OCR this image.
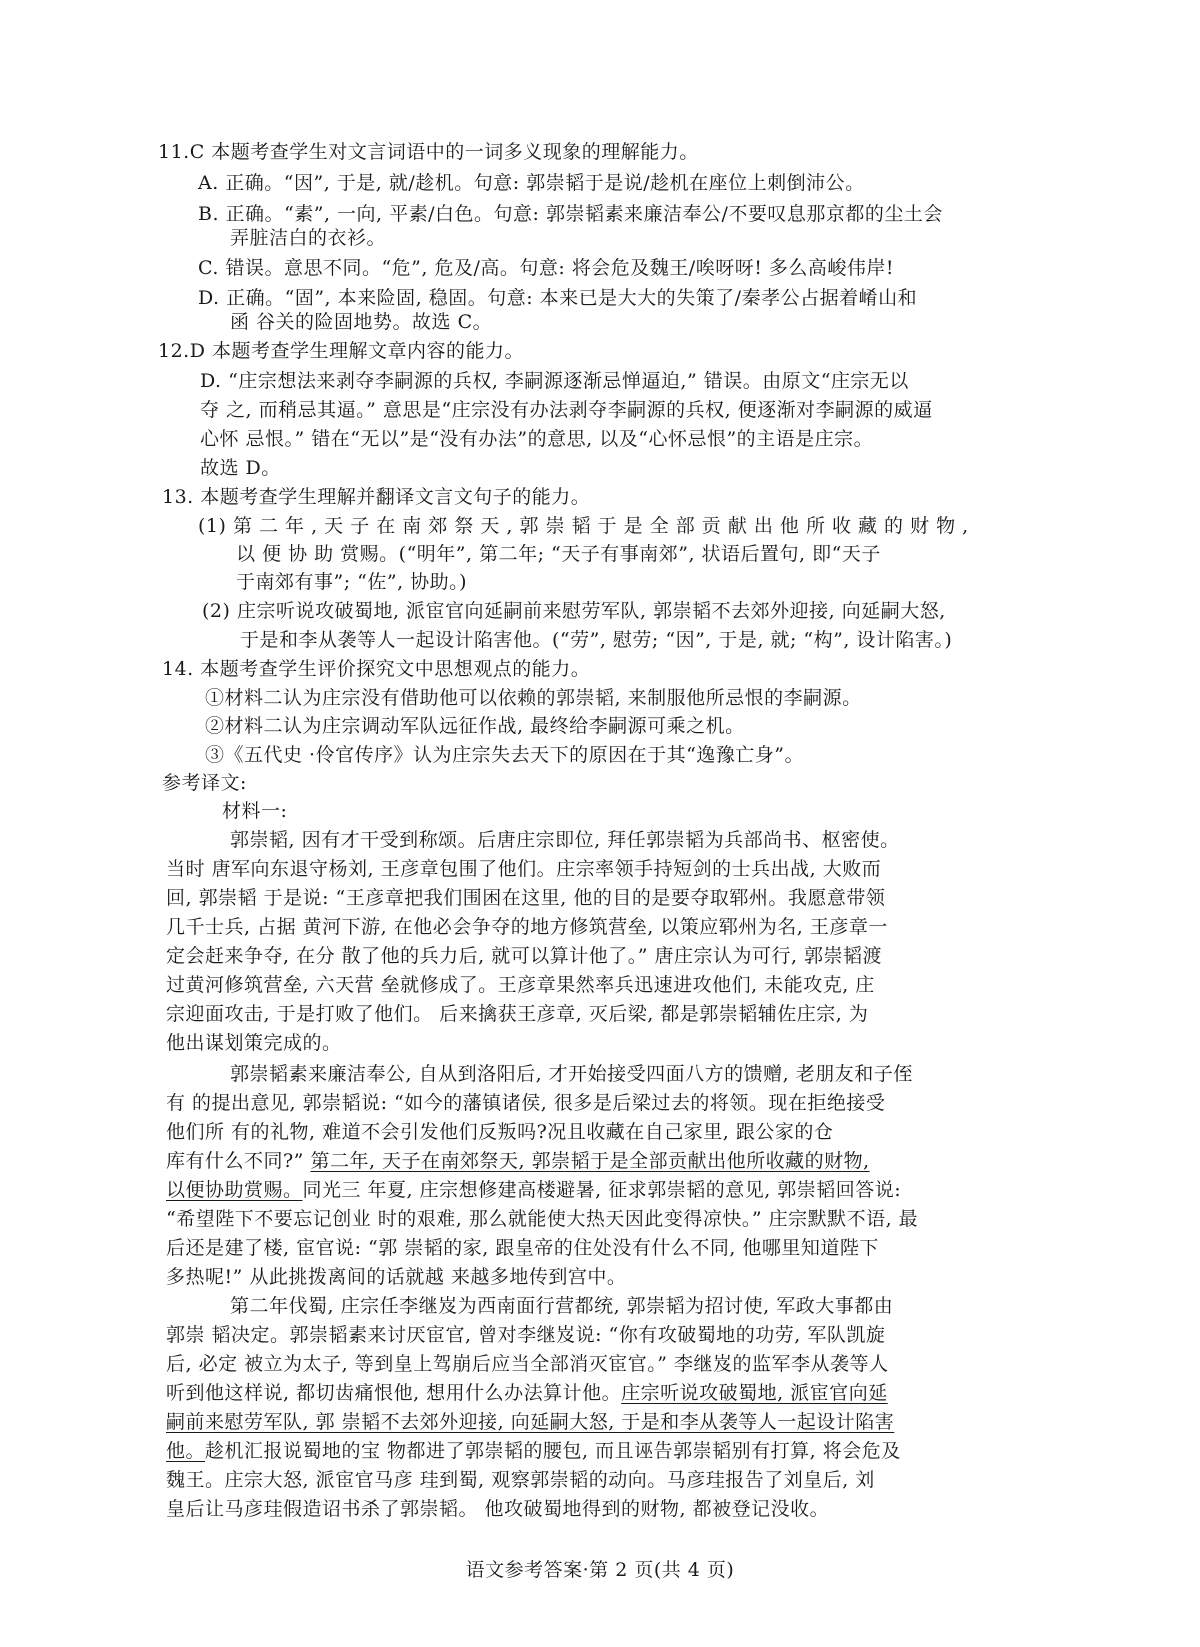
11.C 本题考查学生对文言词语中的一词多义现象的理解能力。
A. 正确。“因”, 于是, 就/趁机。句意: 郭崇韬于是说/趁机在座位上刺倒沛公。
B. 正确。“素”, 一向, 平素/白色。句意: 郭崇韬素来廉洁奉公/不要叹息那京都的尘土会
弄脏洁白的衣衫。
C. 错误。意思不同。“危”, 危及/高。句意: 将会危及魏王/唉呀呀! 多么高峻伟岸!
D. 正确。“固”, 本来险固, 稳固。句意: 本来已是大大的失策了/秦孝公占据着崤山和
函 谷关的险固地势。故选 C。
12.D 本题考查学生理解文章内容的能力。
D. “庄宗想法来剥夺李嗣源的兵权, 李嗣源逐渐忌惮逼迫,” 错误。由原文“庄宗无以
夺 之, 而稍忌其逼。” 意思是“庄宗没有办法剥夺李嗣源的兵权, 便逐渐对李嗣源的威逼
心怀 忌恨。” 错在“无以”是“没有办法”的意思, 以及“心怀忌恨”的主语是庄宗。
故选 D。
13. 本题考查学生理解并翻译文言文句子的能力。
(1) 第 二 年 , 天 子 在 南 郊 祭 天 , 郭 崇 韬 于 是 全 部 贡 献 出 他 所 收 藏 的 财 物 ,
以 便 协 助 赏赐。(“明年”, 第二年; “天子有事南郊”, 状语后置句, 即“天子
于南郊有事”; “佐”, 协助。)
(2) 庄宗听说攻破蜀地, 派宦官向延嗣前来慰劳军队, 郭崇韬不去郊外迎接, 向延嗣大怒,
于是和李从袭等人一起设计陷害他。(“劳”, 慰劳; “因”, 于是, 就; “构”, 设计陷害。)
14. 本题考查学生评价探究文中思想观点的能力。
①材料二认为庄宗没有借助他可以依赖的郭崇韬, 来制服他所忌恨的李嗣源。
②材料二认为庄宗调动军队远征作战, 最终给李嗣源可乘之机。
③《五代史 ·伶官传序》认为庄宗失去天下的原因在于其“逸豫亡身”。
参考译文:
材料一:
郭崇韬, 因有才干受到称颂。后唐庄宗即位, 拜任郭崇韬为兵部尚书、枢密使。
当时 唐军向东退守杨刘, 王彦章包围了他们。庄宗率领手持短剑的士兵出战, 大败而
回, 郭崇韬 于是说: “王彦章把我们围困在这里, 他的目的是要夺取郓州。我愿意带领
几千士兵, 占据 黄河下游, 在他必会争夺的地方修筑营垒, 以策应郓州为名, 王彦章一
定会赶来争夺, 在分 散了他的兵力后, 就可以算计他了。” 唐庄宗认为可行, 郭崇韬渡
过黄河修筑营垒, 六天营 垒就修成了。王彦章果然率兵迅速进攻他们, 未能攻克, 庄
宗迎面攻击, 于是打败了他们。 后来擒获王彦章, 灭后梁, 都是郭崇韬辅佐庄宗, 为
他出谋划策完成的。
郭崇韬素来廉洁奉公, 自从到洛阳后, 才开始接受四面八方的馈赠, 老朋友和子侄
有 的提出意见, 郭崇韬说: “如今的藩镇诸侯, 很多是后梁过去的将领。现在拒绝接受
他们所 有的礼物, 难道不会引发他们反叛吗?况且收藏在自己家里, 跟公家的仓
库有什么不同?” 第二年, 天子在南郊祭天, 郭崇韬于是全部贡献出他所收藏的财物,
以便协助赏赐。同光三 年夏, 庄宗想修建高楼避暑, 征求郭崇韬的意见, 郭崇韬回答说:
“希望陛下不要忘记创业 时的艰难, 那么就能使大热天因此变得凉快。” 庄宗默默不语, 最
后还是建了楼, 宦官说: “郭 崇韬的家, 跟皇帝的住处没有什么不同, 他哪里知道陛下
多热呢!” 从此挑拨离间的话就越 来越多地传到宫中。
第二年伐蜀, 庄宗任李继岌为西南面行营都统, 郭崇韬为招讨使, 军政大事都由
郭崇 韬决定。郭崇韬素来讨厌宦官, 曾对李继岌说: “你有攻破蜀地的功劳, 军队凯旋
后, 必定 被立为太子, 等到皇上驾崩后应当全部消灭宦官。” 李继岌的监军李从袭等人
听到他这样说, 都切齿痛恨他, 想用什么办法算计他。庄宗听说攻破蜀地, 派宦官向延
嗣前来慰劳军队, 郭 崇韬不去郊外迎接, 向延嗣大怒, 于是和李从袭等人一起设计陷害
他。趁机汇报说蜀地的宝 物都进了郭崇韬的腰包, 而且诬告郭崇韬别有打算, 将会危及
魏王。庄宗大怒, 派宦官马彦 珪到蜀, 观察郭崇韬的动向。马彦珪报告了刘皇后, 刘
皇后让马彦珪假造诏书杀了郭崇韬。 他攻破蜀地得到的财物, 都被登记没收。
语文参考答案·第 2 页(共 4 页)
